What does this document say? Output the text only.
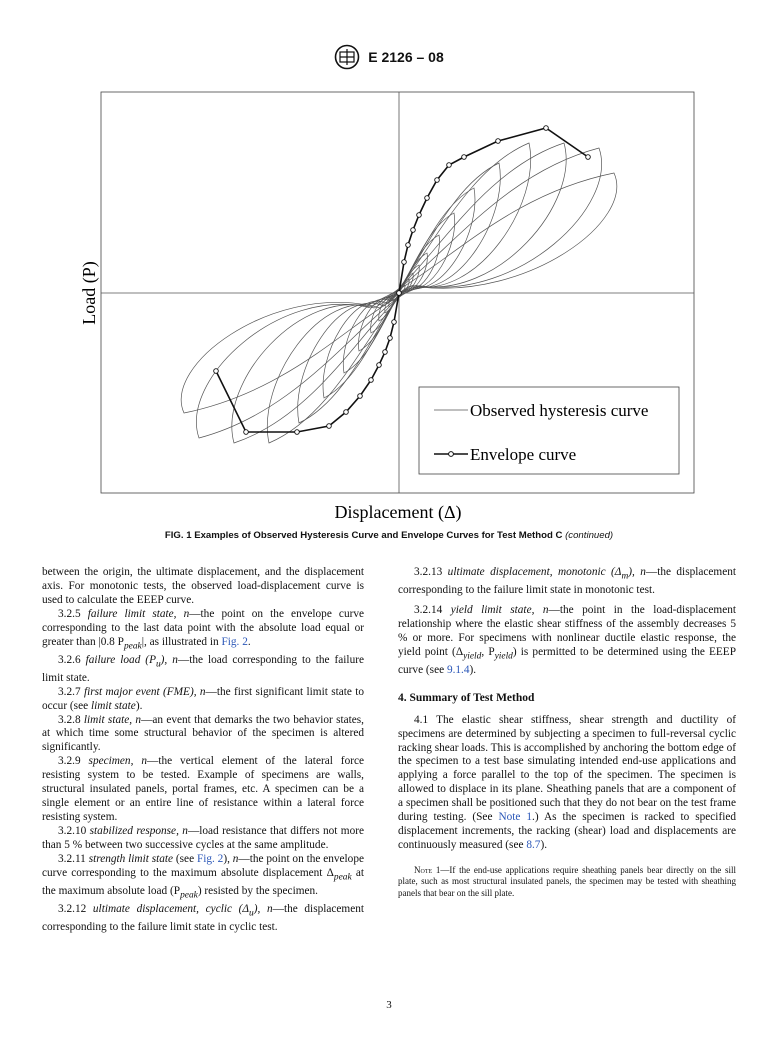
E 2126 – 08
Observed hysteresis curve
Envelope curve
Load (P)
Displacement (Δ)
FIG. 1 Examples of Observed Hysteresis Curve and Envelope Curves for Test Method C (continued)

between the origin, the ultimate displacement, and the displacement axis. For monotonic tests, the observed load-displacement curve is used to calculate the EEEP curve.

3.2.5 failure limit state, n—the point on the envelope curve corresponding to the last data point with the absolute load equal or greater than |0.8 $P_{peak}|$, as illustrated in Fig. 2.

3.2.6 failure load $(P_u)$, n—the load corresponding to the failure limit state.

3.2.7 first major event (FME), n—the first significant limit state to occur (see limit state).

3.2.8 limit state, n—an event that demarks the two behavior states, at which time some structural behavior of the specimen is altered significantly.

3.2.9 specimen, n—the vertical element of the lateral force resisting system to be tested. Example of specimens are walls, structural insulated panels, portal frames, etc. A specimen can be a single element or an entire line of resistance within a lateral force resisting system.

3.2.10 stabilized response, n—load resistance that differs not more than 5 % between two successive cycles at the same amplitude.

3.2.11 strength limit state (see Fig. 2), n—the point on the envelope curve corresponding to the maximum absolute displacement $\Delta_{peak}$ at the maximum absolute load $(P_{peak})$ resisted by the specimen.

3.2.12 ultimate displacement, cyclic $(\Delta_u)$, n—the displacement corresponding to the failure limit state in cyclic test.

3.2.13 ultimate displacement, monotonic $(\Delta_m)$, n—the displacement corresponding to the failure limit state in monotonic test.

3.2.14 yield limit state, n—the point in the load-displacement relationship where the elastic shear stiffness of the assembly decreases 5 % or more. For specimens with nonlinear ductile elastic response, the yield point ($\Delta_{yield}$, $P_{yield}$) is permitted to be determined using the EEEP curve (see 9.1.4).

4. Summary of Test Method

4.1 The elastic shear stiffness, shear strength and ductility of specimens are determined by subjecting a specimen to full-reversal cyclic racking shear loads. This is accomplished by anchoring the bottom edge of the specimen to a test base simulating intended end-use applications and applying a force parallel to the top of the specimen. The specimen is allowed to displace in its plane. Sheathing panels that are a component of a specimen shall be positioned such that they do not bear on the test frame during testing. (See Note 1.) As the specimen is racked to specified displacement increments, the racking (shear) load and displacements are continuously measured (see 8.7).

Note 1—If the end-use applications require sheathing panels bear directly on the sill plate, such as most structural insulated panels, the specimen may be tested with sheathing panels that bear on the sill plate.

3
